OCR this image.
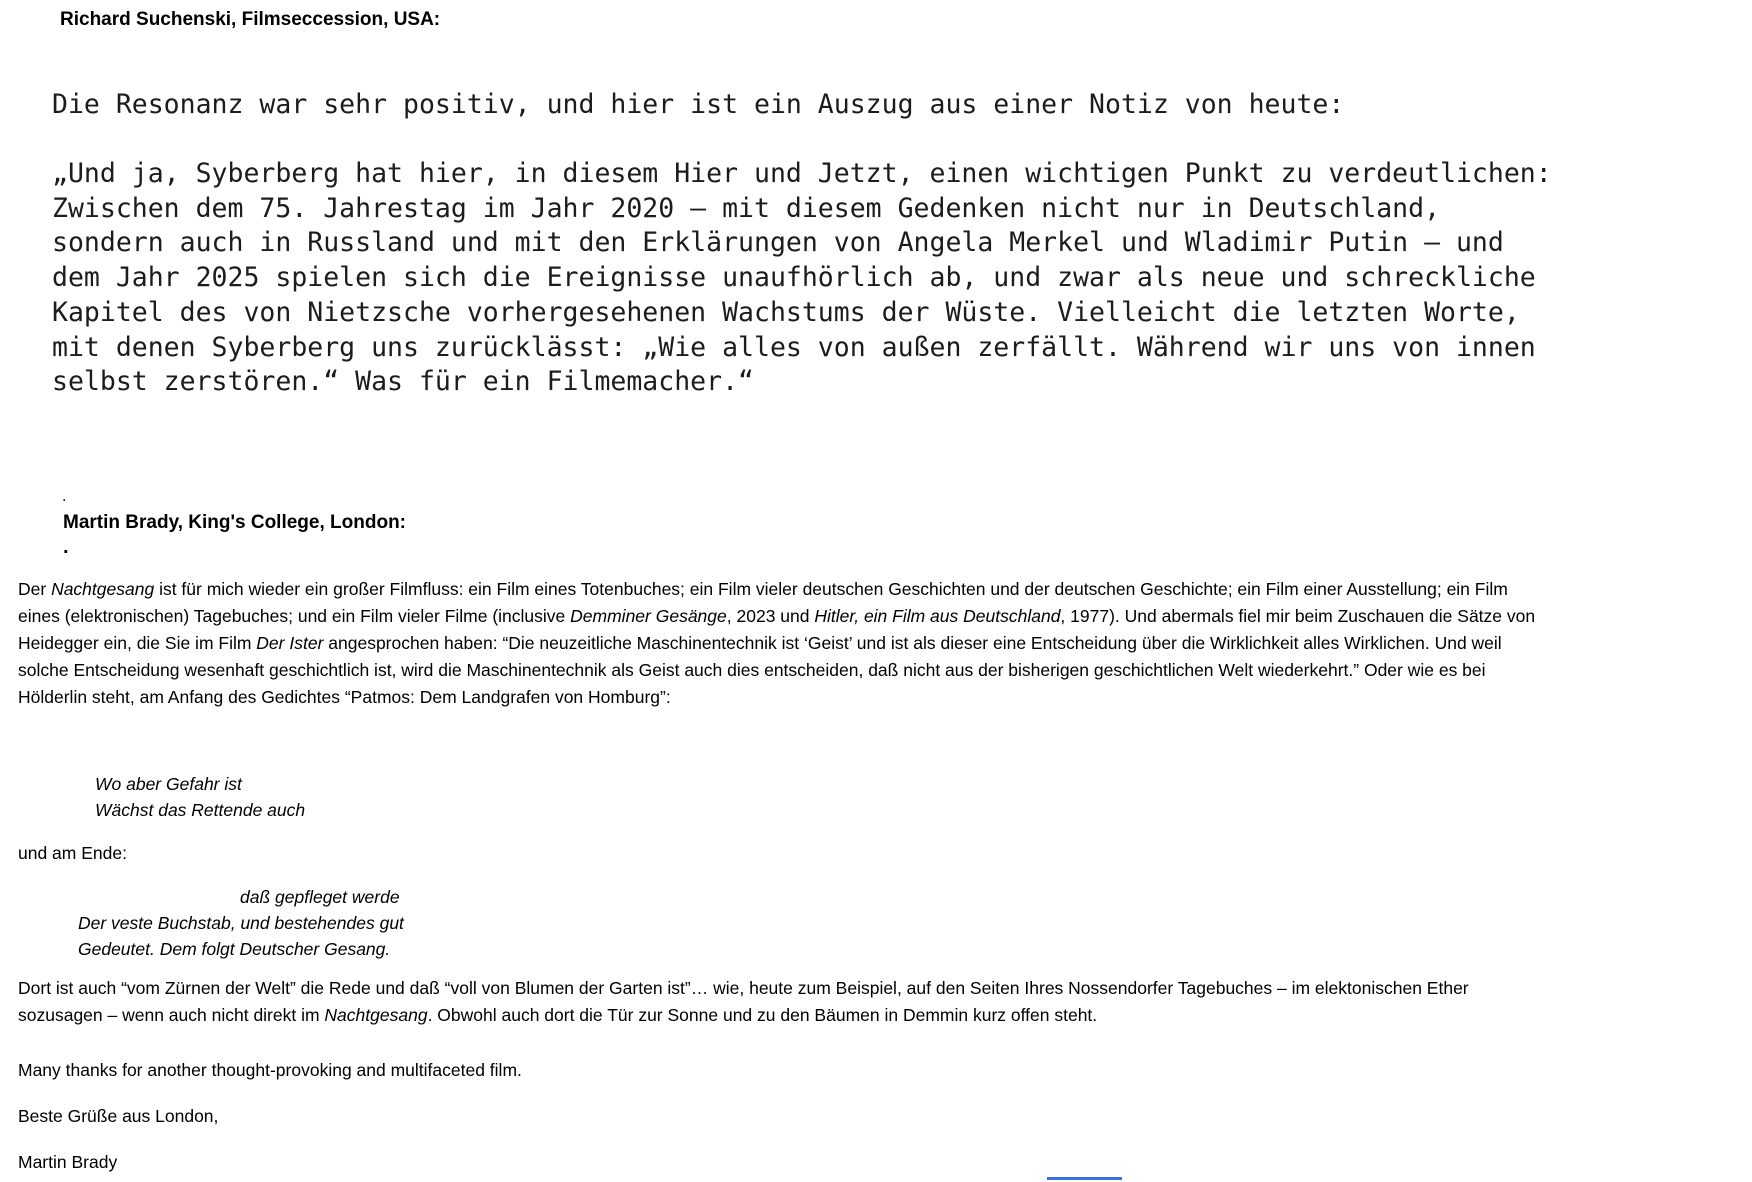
Richard Suchenski, Filmseccession, USA:
Die Resonanz war sehr positiv, und hier ist ein Auszug aus einer Notiz von heute:
„Und ja, Syberberg hat hier, in diesem Hier und Jetzt, einen wichtigen Punkt zu verdeutlichen:
Zwischen dem 75. Jahrestag im Jahr 2020 – mit diesem Gedenken nicht nur in Deutschland,
sondern auch in Russland und mit den Erklärungen von Angela Merkel und Wladimir Putin – und
dem Jahr 2025 spielen sich die Ereignisse unaufhörlich ab, und zwar als neue und schreckliche
Kapitel des von Nietzsche vorhergesehenen Wachstums der Wüste. Vielleicht die letzten Worte,
mit denen Syberberg uns zurücklässt: „Wie alles von außen zerfällt. Während wir uns von innen
selbst zerstören.“ Was für ein Filmemacher.“
.
Martin Brady, King's College, London:
.
Der Nachtgesang ist für mich wieder ein großer Filmfluss: ein Film eines Totenbuches; ein Film vieler deutschen Geschichten und der deutschen Geschichte; ein Film einer Ausstellung; ein Film eines (elektronischen) Tagebuches; und ein Film vieler Filme (inclusive Demminer Gesänge, 2023 und Hitler, ein Film aus Deutschland, 1977). Und abermals fiel mir beim Zuschauen die Sätze von Heidegger ein, die Sie im Film Der Ister angesprochen haben: “Die neuzeitliche Maschinentechnik ist ‘Geist’ und ist als dieser eine Entscheidung über die Wirklichkeit alles Wirklichen. Und weil solche Entscheidung wesenhaft geschichtlich ist, wird die Maschinentechnik als Geist auch dies entscheiden, daß nicht aus der bisherigen geschichtlichen Welt wiederkehrt.” Oder wie es bei Hölderlin steht, am Anfang des Gedichtes “Patmos: Dem Landgrafen von Homburg”:
Wo aber Gefahr ist
Wächst das Rettende auch
und am Ende:
daß gepfleget werde
Der veste Buchstab, und bestehendes gut
Gedeutet. Dem folgt Deutscher Gesang.
Dort ist auch “vom Zürnen der Welt” die Rede und daß “voll von Blumen der Garten ist”… wie, heute zum Beispiel, auf den Seiten Ihres Nossendorfer Tagebuches – im elektonischen Ether sozusagen – wenn auch nicht direkt im Nachtgesang. Obwohl auch dort die Tür zur Sonne und zu den Bäumen in Demmin kurz offen steht.
Many thanks for another thought-provoking and multifaceted film.
Beste Grüße aus London,
Martin Brady
